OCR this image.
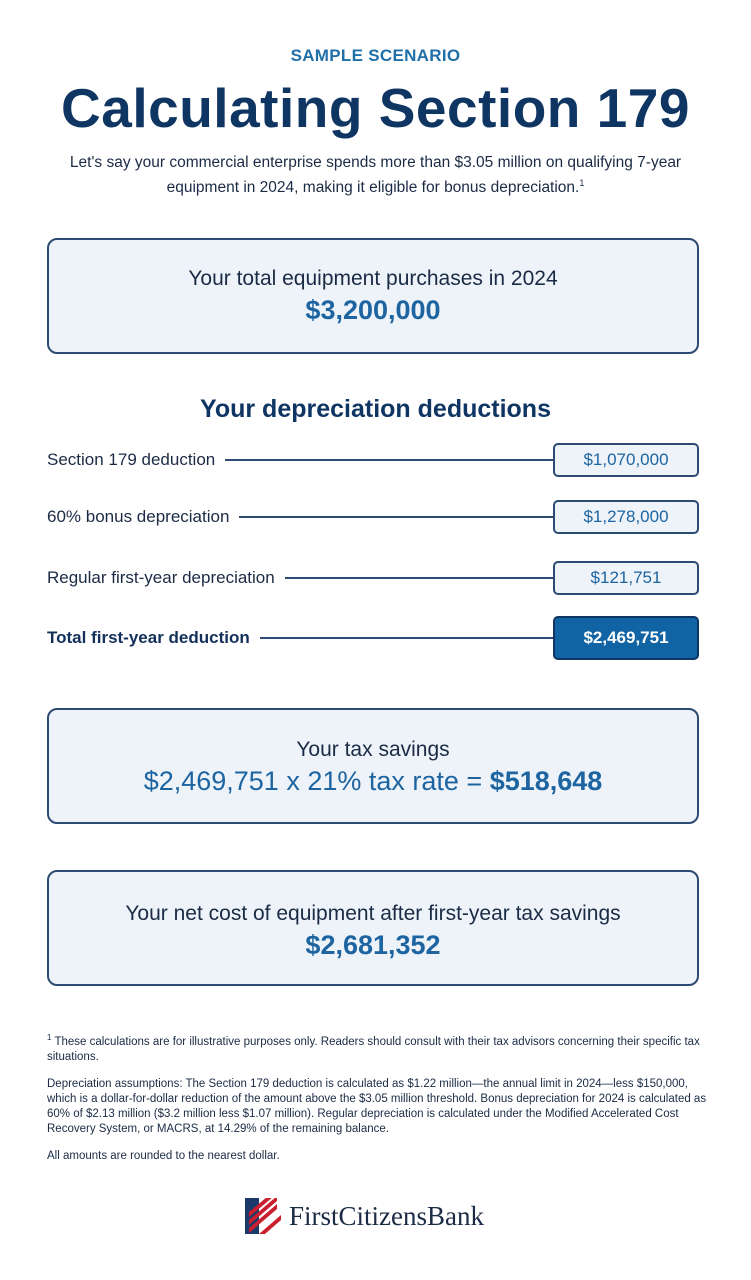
SAMPLE SCENARIO
Calculating Section 179

Let's say your commercial enterprise spends more than $3.05 million on qualifying 7-year equipment in 2024, making it eligible for bonus depreciation.$^1$

Your total equipment purchases in 2024
$3,200,000
Your depreciation deductions
Section 179 deduction	$1,070,000
60% bonus depreciation	$1,278,000
Regular first-year depreciation	$121,751
Total first-year deduction	$2,469,751
Your tax savings
$2,469,751 x 21% tax rate = $518,648
Your net cost of equipment after first-year tax savings
$2,681,352

$^1$ These calculations are for illustrative purposes only. Readers should consult with their tax advisors concerning their specific tax situations.

Depreciation assumptions: The Section 179 deduction is calculated as $1.22 million—the annual limit in 2024—less $150,000, which is a dollar-for-dollar reduction of the amount above the $3.05 million threshold. Bonus depreciation for 2024 is calculated as 60% of $2.13 million ($3.2 million less $1.07 million). Regular depreciation is calculated under the Modified Accelerated Cost Recovery System, or MACRS, at 14.29% of the remaining balance.

All amounts are rounded to the nearest dollar.

FirstCitizensBank
